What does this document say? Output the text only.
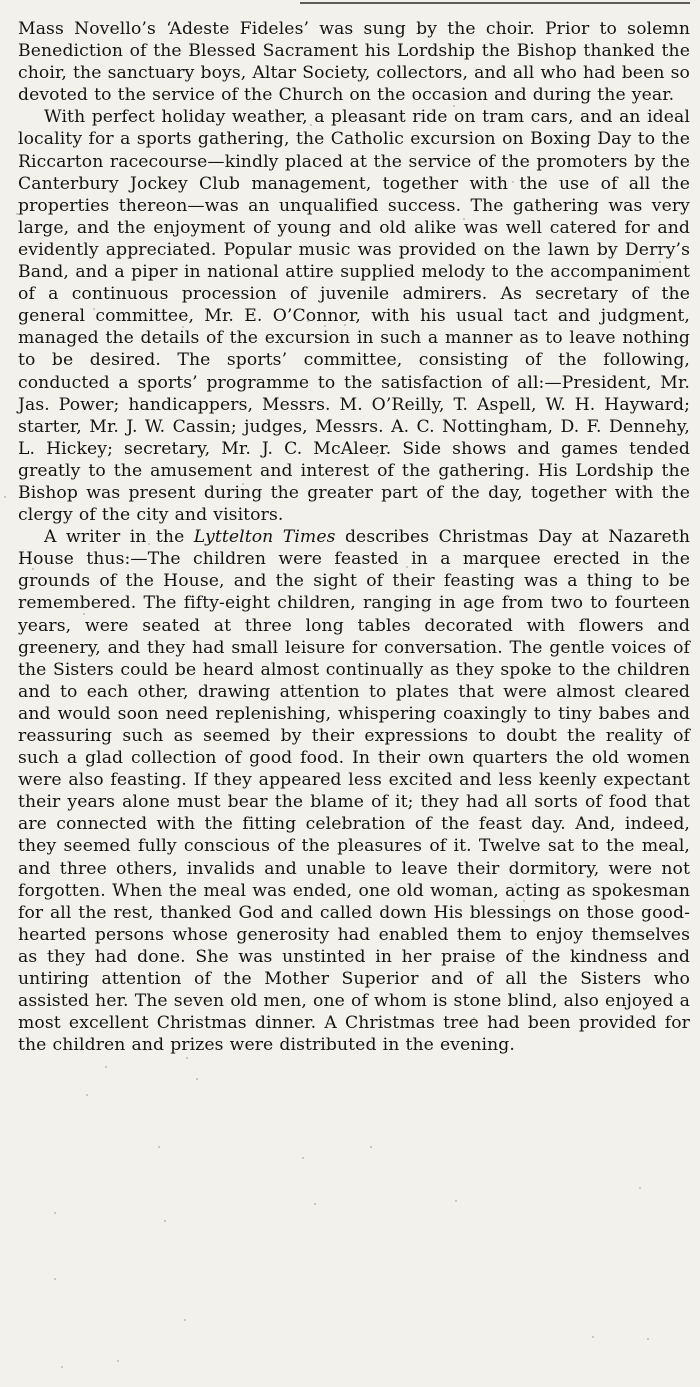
Mass Novello’s ‘Adeste Fideles’ was sung by the choir. Prior to solemn Benediction of the Blessed Sacrament his Lordship the Bishop thanked the choir, the sanctuary boys, Altar Society, collectors, and all who had been so devoted to the service of the Church on the occasion and during the year.

With perfect holiday weather, a pleasant ride on tram cars, and an ideal locality for a sports gathering, the Catholic excursion on Boxing Day to the Riccarton racecourse—kindly placed at the service of the promoters by the Canterbury Jockey Club management, together with the use of all the properties thereon—was an unqualified success. The gathering was very large, and the enjoyment of young and old alike was well catered for and evidently appreciated. Popular music was provided on the lawn by Derry’s Band, and a piper in national attire supplied melody to the accompaniment of a continuous procession of juvenile admirers. As secretary of the general committee, Mr. E. O’Connor, with his usual tact and judgment, managed the details of the excursion in such a manner as to leave nothing to be desired. The sports’ committee, consisting of the following, conducted a sports’ programme to the satisfaction of all:—President, Mr. Jas. Power; handicappers, Messrs. M. O’Reilly, T. Aspell, W. H. Hayward; starter, Mr. J. W. Cassin; judges, Messrs. A. C. Nottingham, D. F. Dennehy, L. Hickey; secretary, Mr. J. C. McAleer. Side shows and games tended greatly to the amusement and interest of the gathering. His Lordship the Bishop was present during the greater part of the day, together with the clergy of the city and visitors.

A writer in the Lyttelton Times describes Christmas Day at Nazareth House thus:—The children were feasted in a marquee erected in the grounds of the House, and the sight of their feasting was a thing to be remembered. The fifty-eight children, ranging in age from two to fourteen years, were seated at three long tables decorated with flowers and greenery, and they had small leisure for conversation. The gentle voices of the Sisters could be heard almost continually as they spoke to the children and to each other, drawing attention to plates that were almost cleared and would soon need replenishing, whispering coaxingly to tiny babes and reassuring such as seemed by their expressions to doubt the reality of such a glad collection of good food. In their own quarters the old women were also feasting. If they appeared less excited and less keenly expectant their years alone must bear the blame of it; they had all sorts of food that are connected with the fitting celebration of the feast day. And, indeed, they seemed fully conscious of the pleasures of it. Twelve sat to the meal, and three others, invalids and unable to leave their dormitory, were not forgotten. When the meal was ended, one old woman, acting as spokesman for all the rest, thanked God and called down His blessings on those good-hearted persons whose generosity had enabled them to enjoy themselves as they had done. She was unstinted in her praise of the kindness and untiring attention of the Mother Superior and of all the Sisters who assisted her. The seven old men, one of whom is stone blind, also enjoyed a most excellent Christmas dinner. A Christmas tree had been provided for the children and prizes were distributed in the evening.
